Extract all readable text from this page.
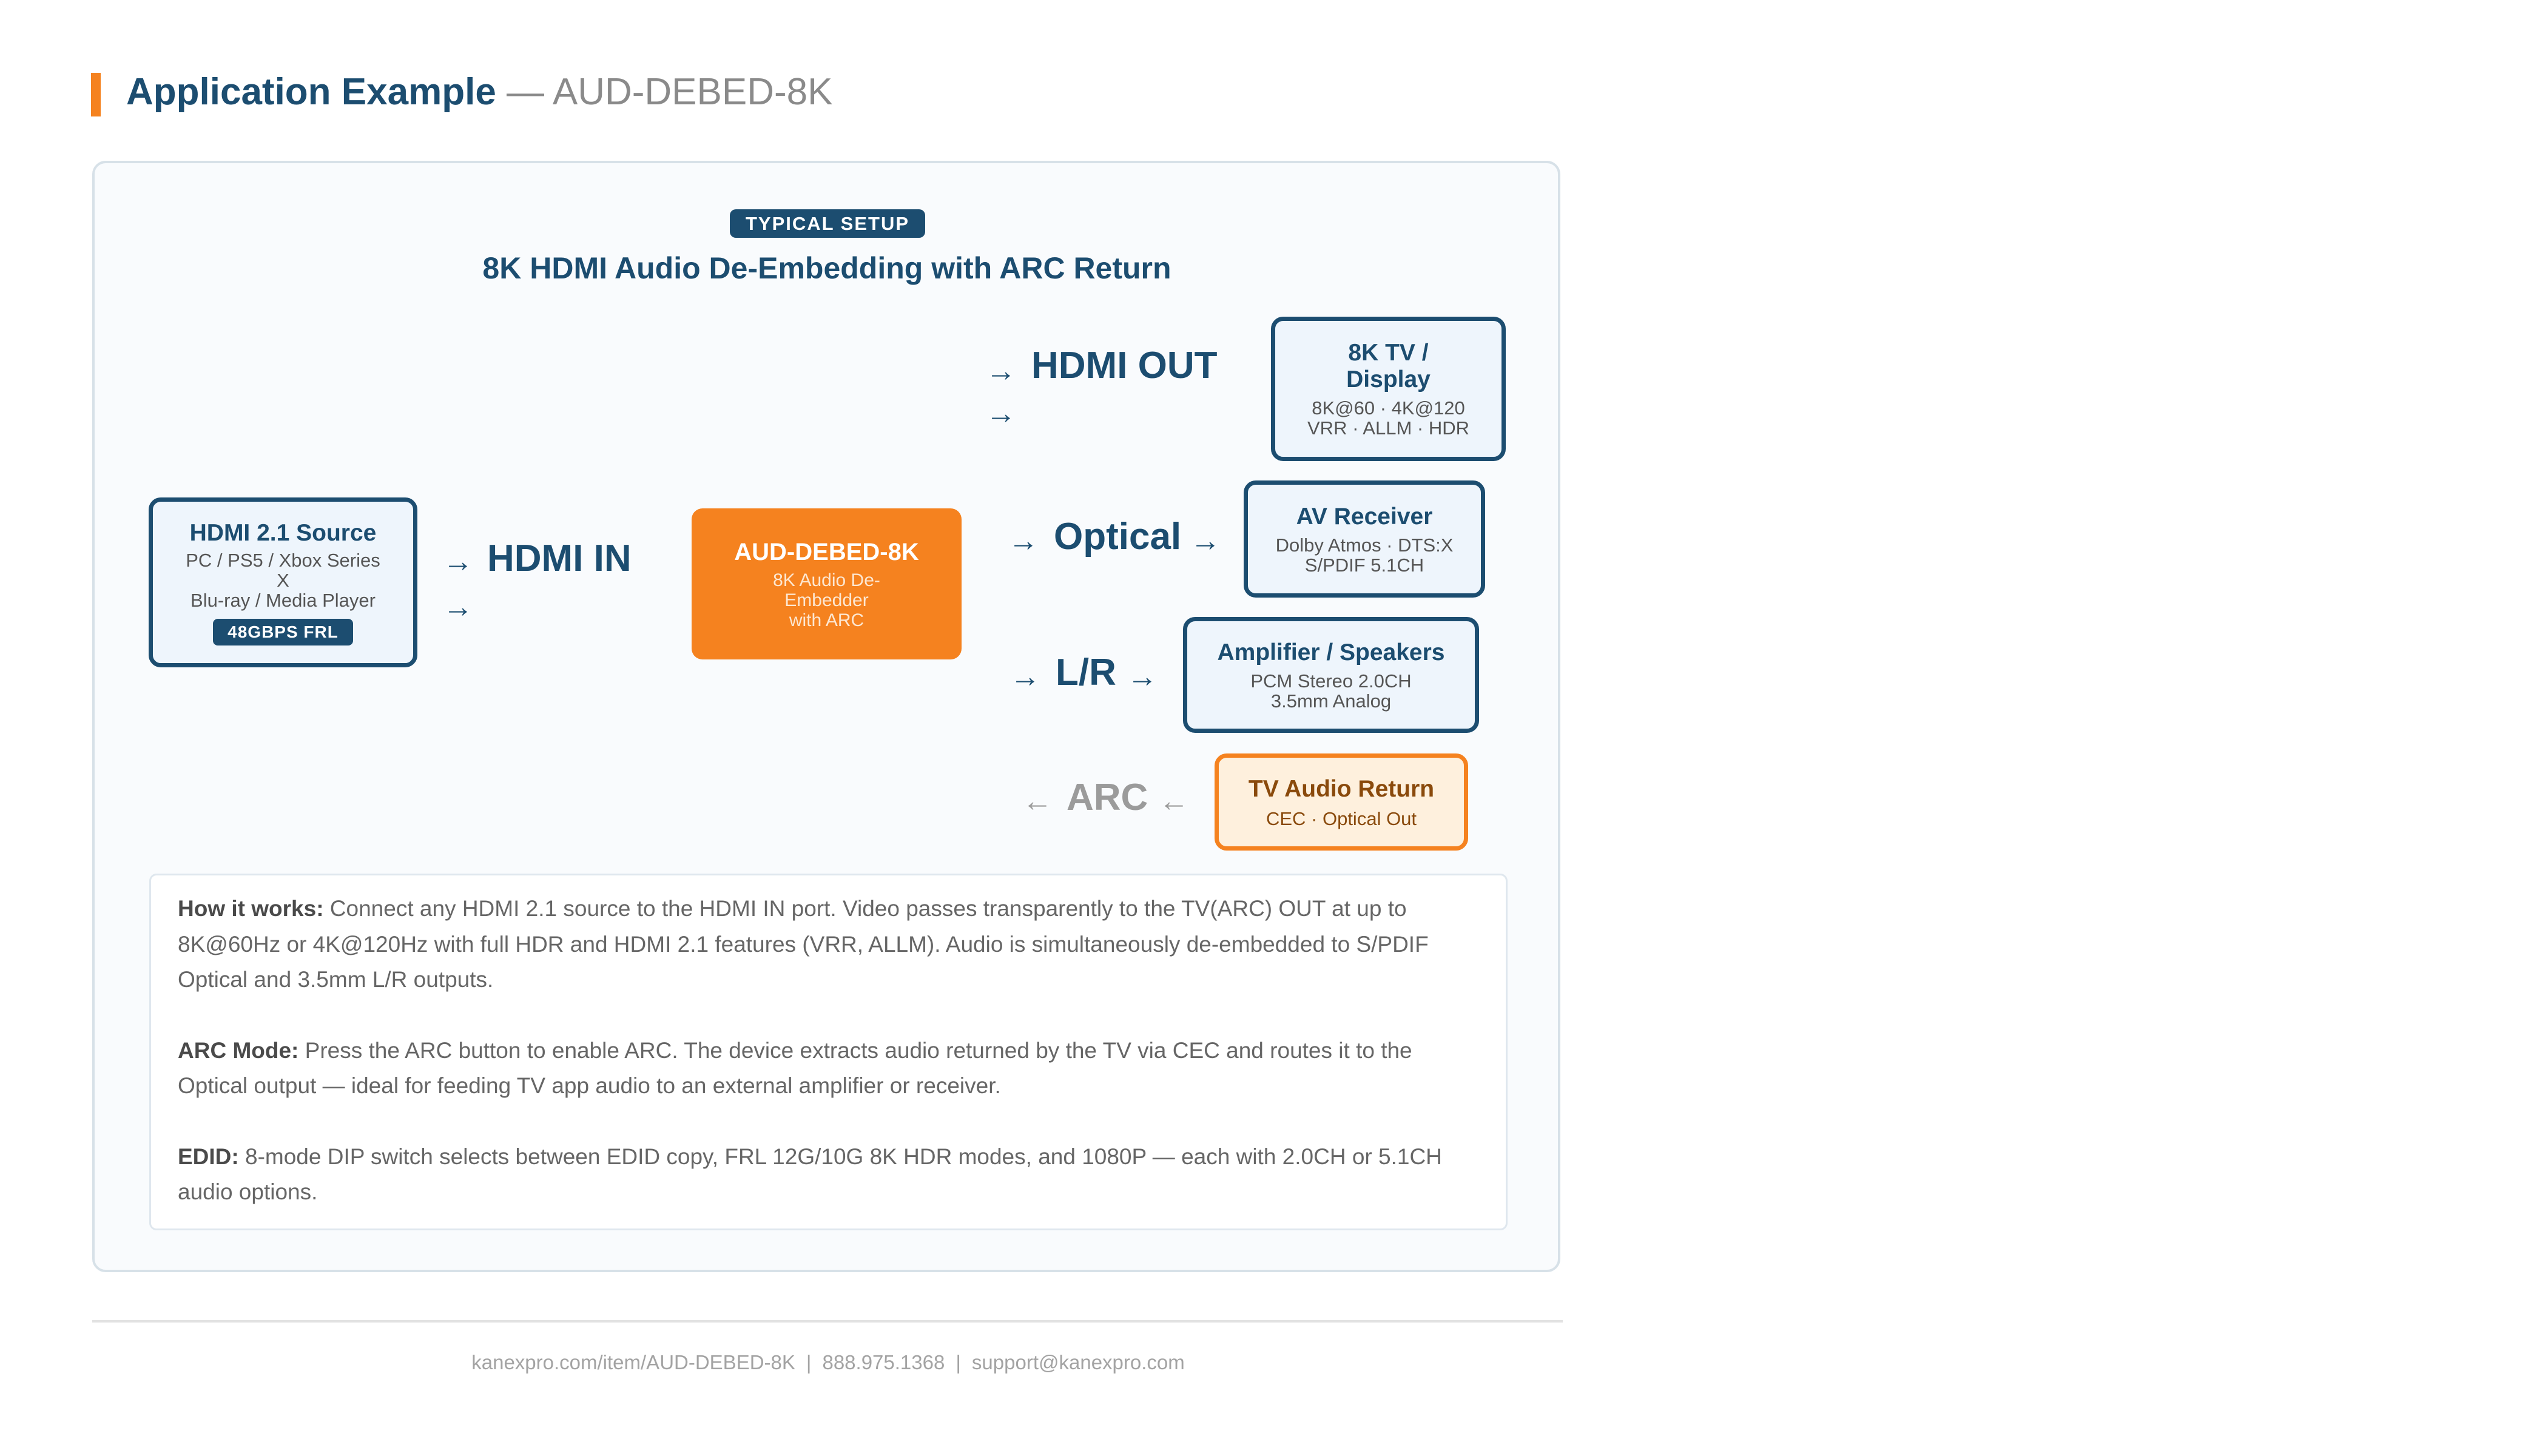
Application Example — AUD-DEBED-8K
TYPICAL SETUP
8K HDMI Audio De-Embedding with ARC Return
HDMI 2.1 Source
PC / PS5 / Xbox Series
X
Blu-ray / Media Player
48GBPS FRL
→ HDMI IN
→
AUD-DEBED-8K
8K Audio De-
Embedder
with ARC
→ HDMI OUT
→
8K TV /
Display
8K@60 · 4K@120
VRR · ALLM · HDR
→ Optical →
AV Receiver
Dolby Atmos · DTS:X
S/PDIF 5.1CH
→ L/R →
Amplifier / Speakers
PCM Stereo 2.0CH
3.5mm Analog
← ARC ←	TV Audio Return
CEC · Optical Out

How it works: Connect any HDMI 2.1 source to the HDMI IN port. Video passes transparently to the TV(ARC) OUT at up to 8K@60Hz or 4K@120Hz with full HDR and HDMI 2.1 features (VRR, ALLM). Audio is simultaneously de-embedded to S/PDIF Optical and 3.5mm L/R outputs.

ARC Mode: Press the ARC button to enable ARC. The device extracts audio returned by the TV via CEC and routes it to the Optical output — ideal for feeding TV app audio to an external amplifier or receiver.

EDID: 8-mode DIP switch selects between EDID copy, FRL 12G/10G 8K HDR modes, and 1080P — each with 2.0CH or 5.1CH audio options.

kanexpro.com/item/AUD-DEBED-8K | 888.975.1368 | support@kanexpro.com
